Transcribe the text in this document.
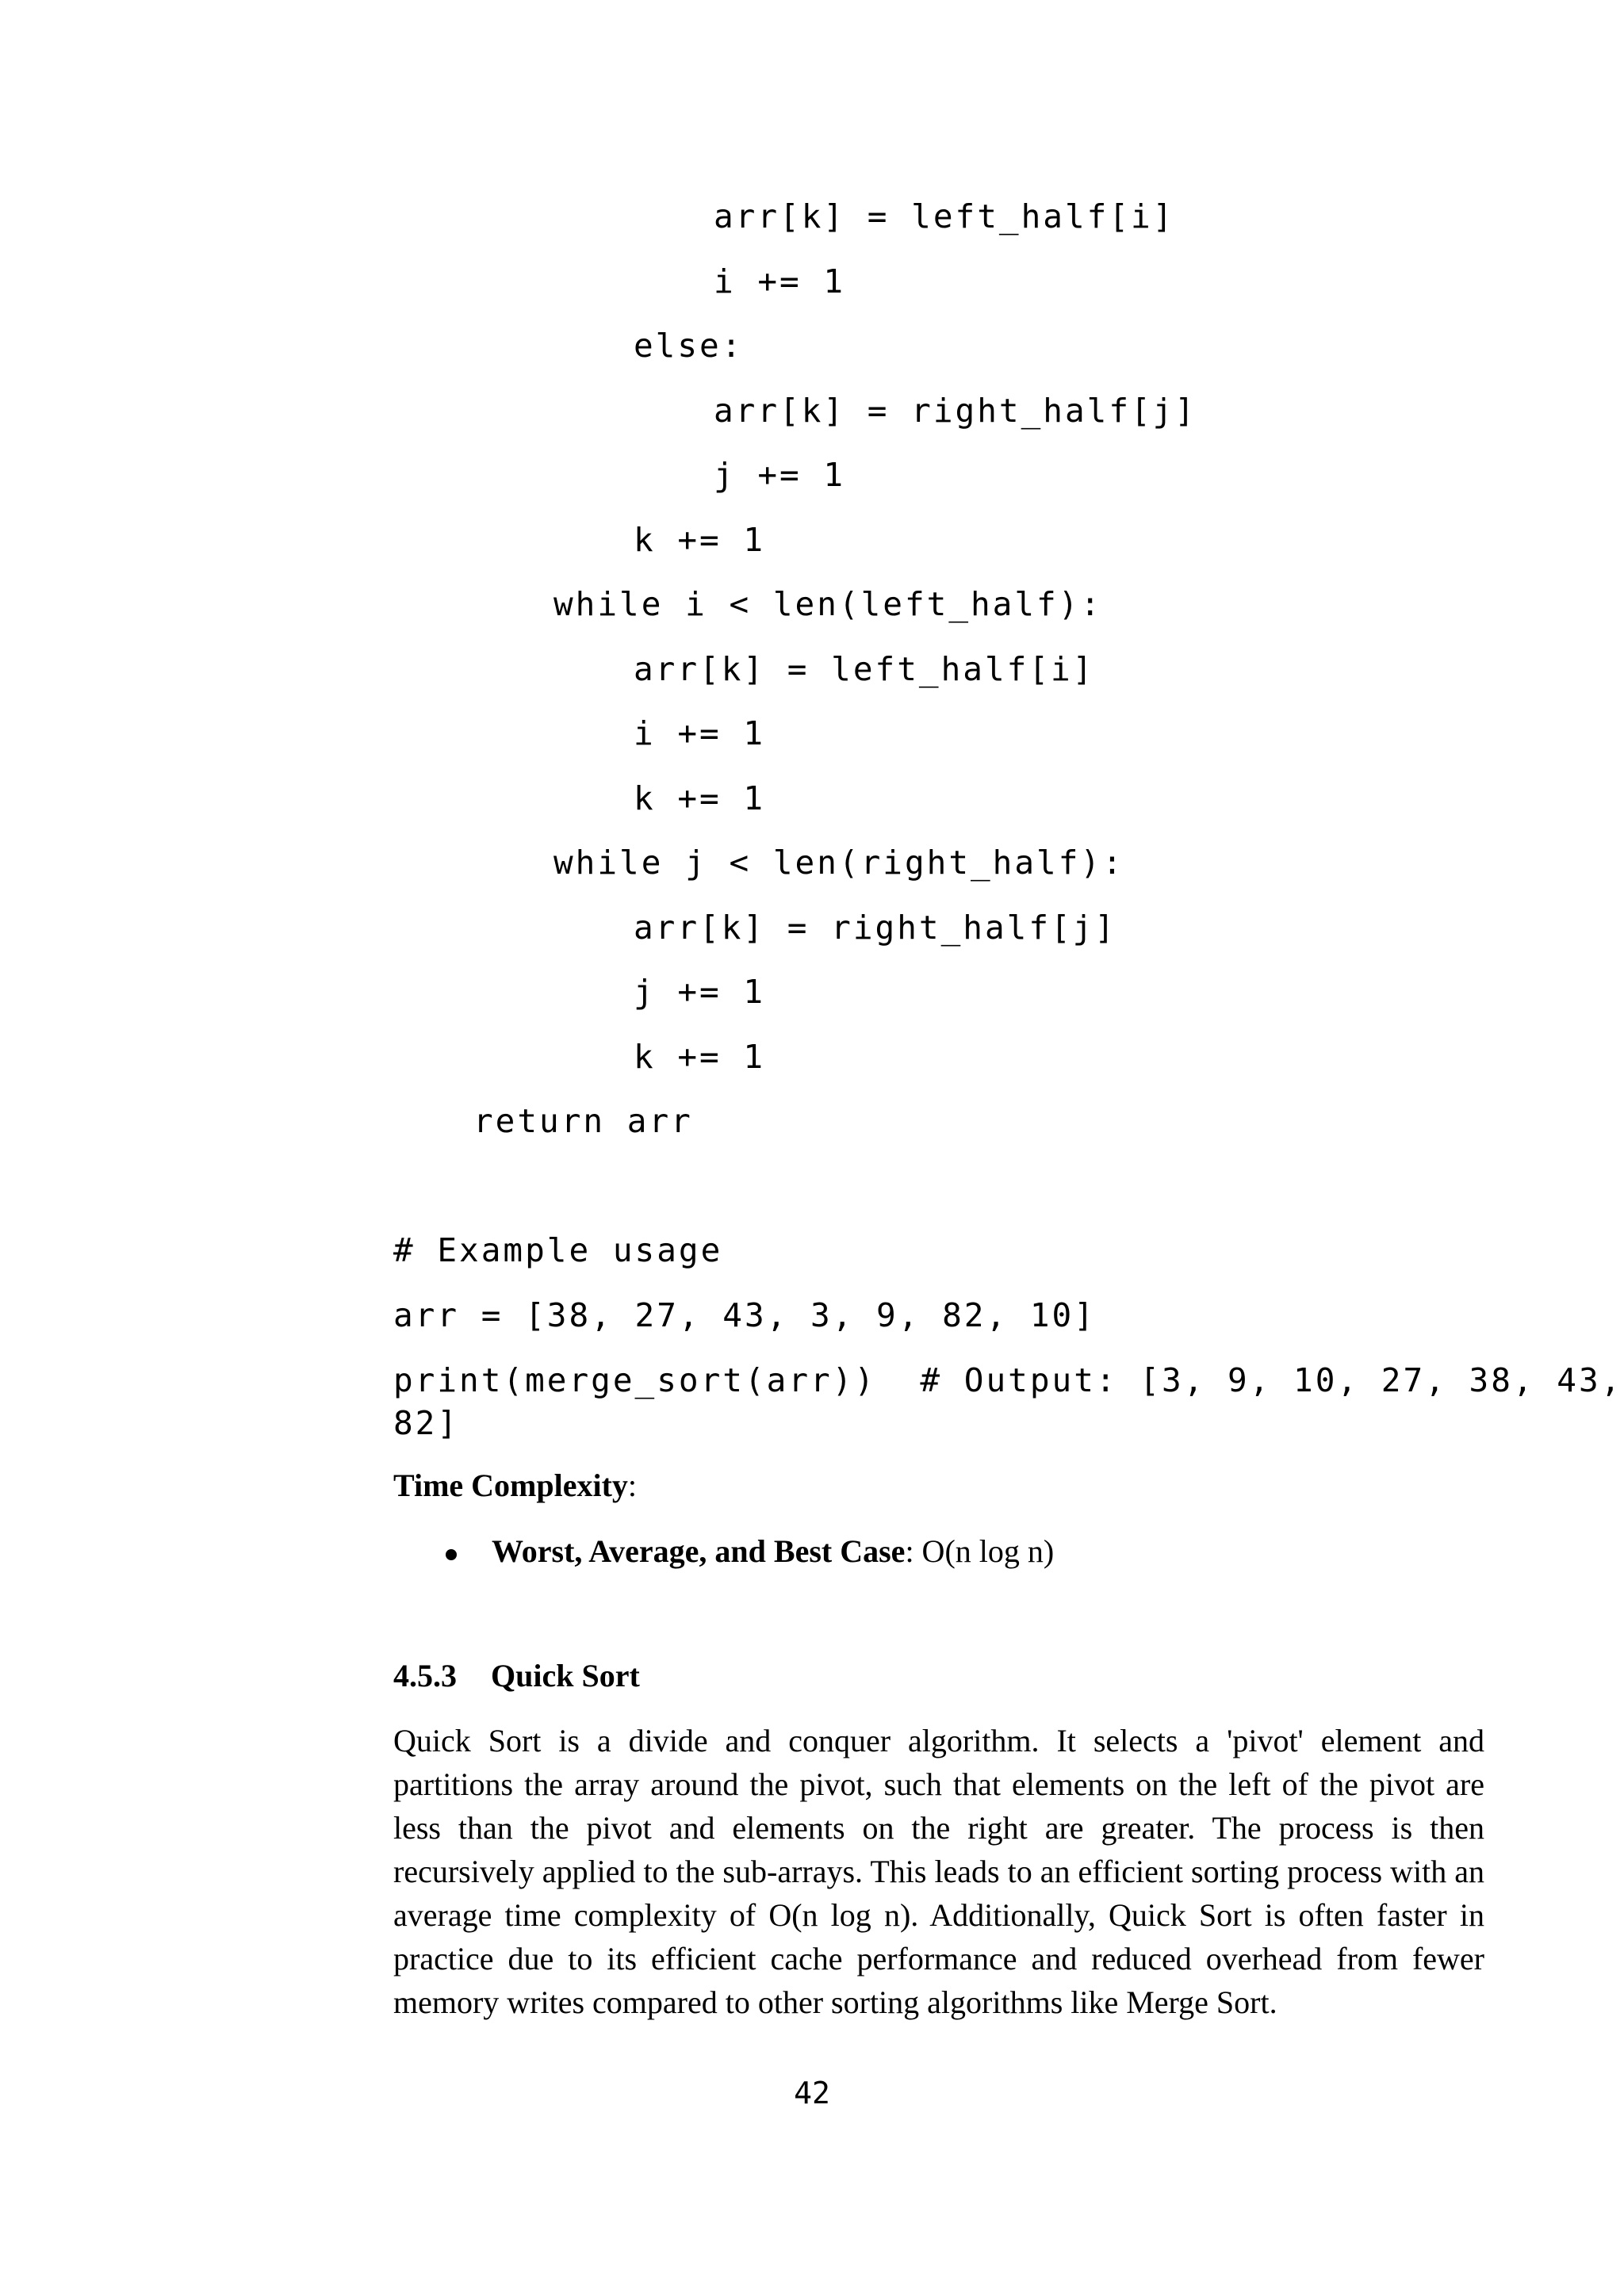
arr[k] = left_half[i]
i += 1
else:
arr[k] = right_half[j]
j += 1
k += 1
while i < len(left_half):
arr[k] = left_half[i]
i += 1
k += 1
while j < len(right_half):
arr[k] = right_half[j]
j += 1
k += 1
return arr
# Example usage
arr = [38, 27, 43, 3, 9, 82, 10]
print(merge_sort(arr))  # Output: [3, 9, 10, 27, 38, 43,
82]
Time Complexity:
Worst, Average, and Best Case: O(n log n)
4.5.3 Quick Sort
Quick Sort is a divide and conquer algorithm. It selects a 'pivot' element and partitions the array around the pivot, such that elements on the left of the pivot are less than the pivot and elements on the right are greater. The process is then recursively applied to the sub-arrays. This leads to an efficient sorting process with an average time complexity of O(n log n). Additionally, Quick Sort is often faster in practice due to its efficient cache performance and reduced overhead from fewer memory writes compared to other sorting algorithms like Merge Sort.
42
